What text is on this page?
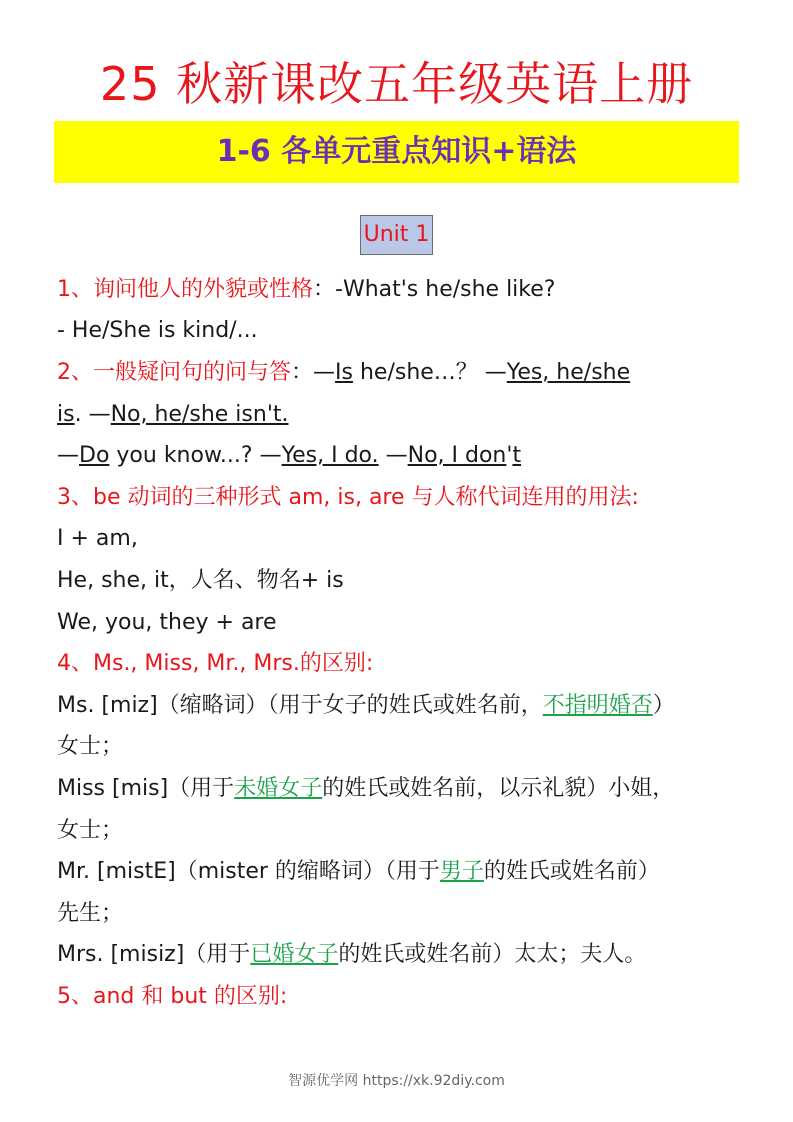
25 秋新课改五年级英语上册
1-6 各单元重点知识+语法
Unit 1
1、询问他人的外貌或性格：-What's he/she like?
- He/She is kind/...
2、一般疑问句的问与答：—Is he/she…？ —Yes, he/she
is. —No, he/she isn't.
—Do you know...? —Yes, I do. —No, I don't
3、be 动词的三种形式 am, is, are 与人称代词连用的用法:
I + am,
He, she, it，人名、物名+ is
We, you, they + are
4、Ms., Miss, Mr., Mrs.的区别:
Ms. [miz]（缩略词）（用于女子的姓氏或姓名前，不指明婚否）
女士；
Miss [mis]（用于未婚女子的姓氏或姓名前，以示礼貌）小姐，
女士；
Mr. [mistE]（mister 的缩略词）（用于男子的姓氏或姓名前）
先生；
Mrs. [misiz]（用于已婚女子的姓氏或姓名前）太太；夫人。
5、and 和 but 的区别:
智源优学网 https://xk.92diy.com
